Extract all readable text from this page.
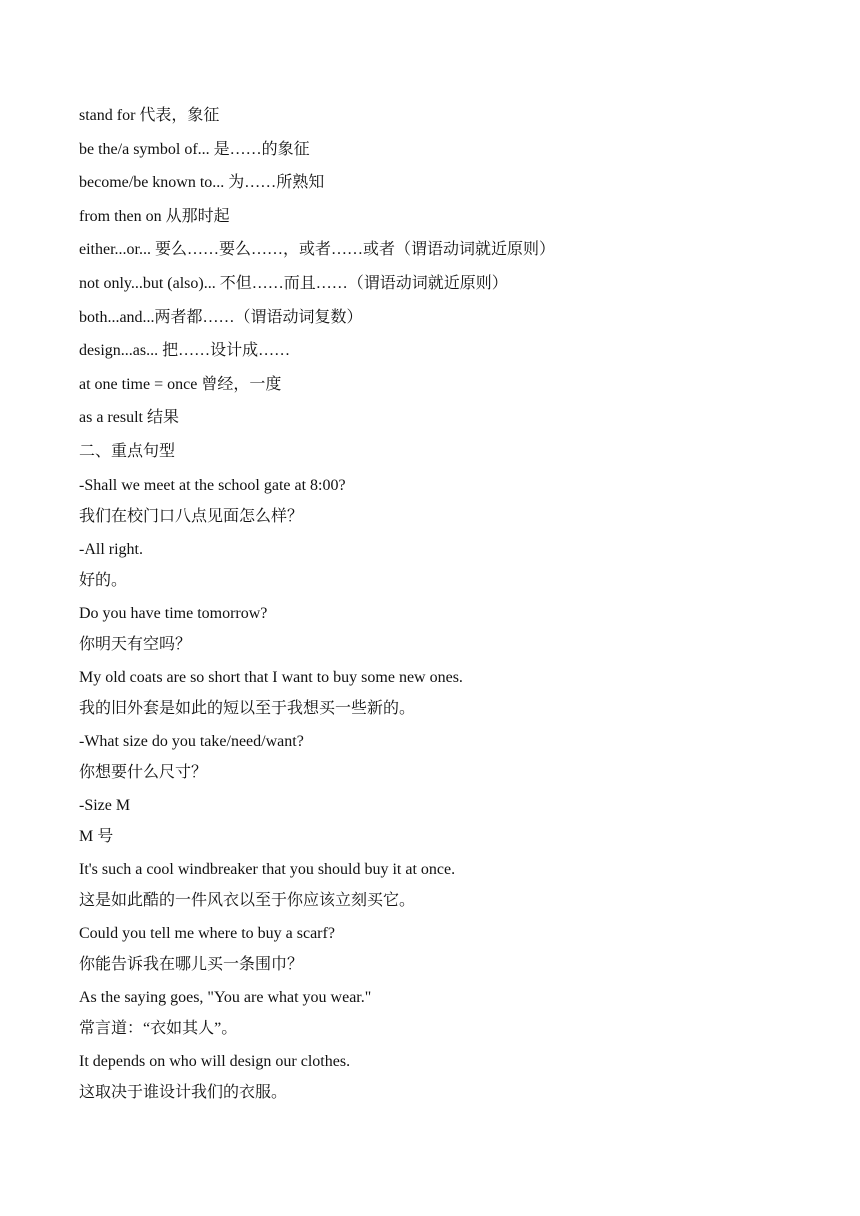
stand for 代表，象征
be the/a symbol of... 是……的象征
become/be known to... 为……所熟知
from then on 从那时起
either...or... 要么……要么……，或者……或者（谓语动词就近原则）
not only...but (also)... 不但……而且……（谓语动词就近原则）
both...and...两者都……（谓语动词复数）
design...as... 把……设计成……
at one time = once 曾经，一度
as a result 结果
二、重点句型
-Shall we meet at the school gate at 8:00?
我们在校门口八点见面怎么样？
-All right.
好的。
Do you have time tomorrow?
你明天有空吗？
My old coats are so short that I want to buy some new ones.
我的旧外套是如此的短以至于我想买一些新的。
-What size do you take/need/want?
你想要什么尺寸？
-Size M
M 号
It's such a cool windbreaker that you should buy it at once.
这是如此酷的一件风衣以至于你应该立刻买它。
Could you tell me where to buy a scarf?
你能告诉我在哪儿买一条围巾？
As the saying goes, "You are what you wear."
常言道：“衣如其人”。
It depends on who will design our clothes.
这取决于谁设计我们的衣服。
